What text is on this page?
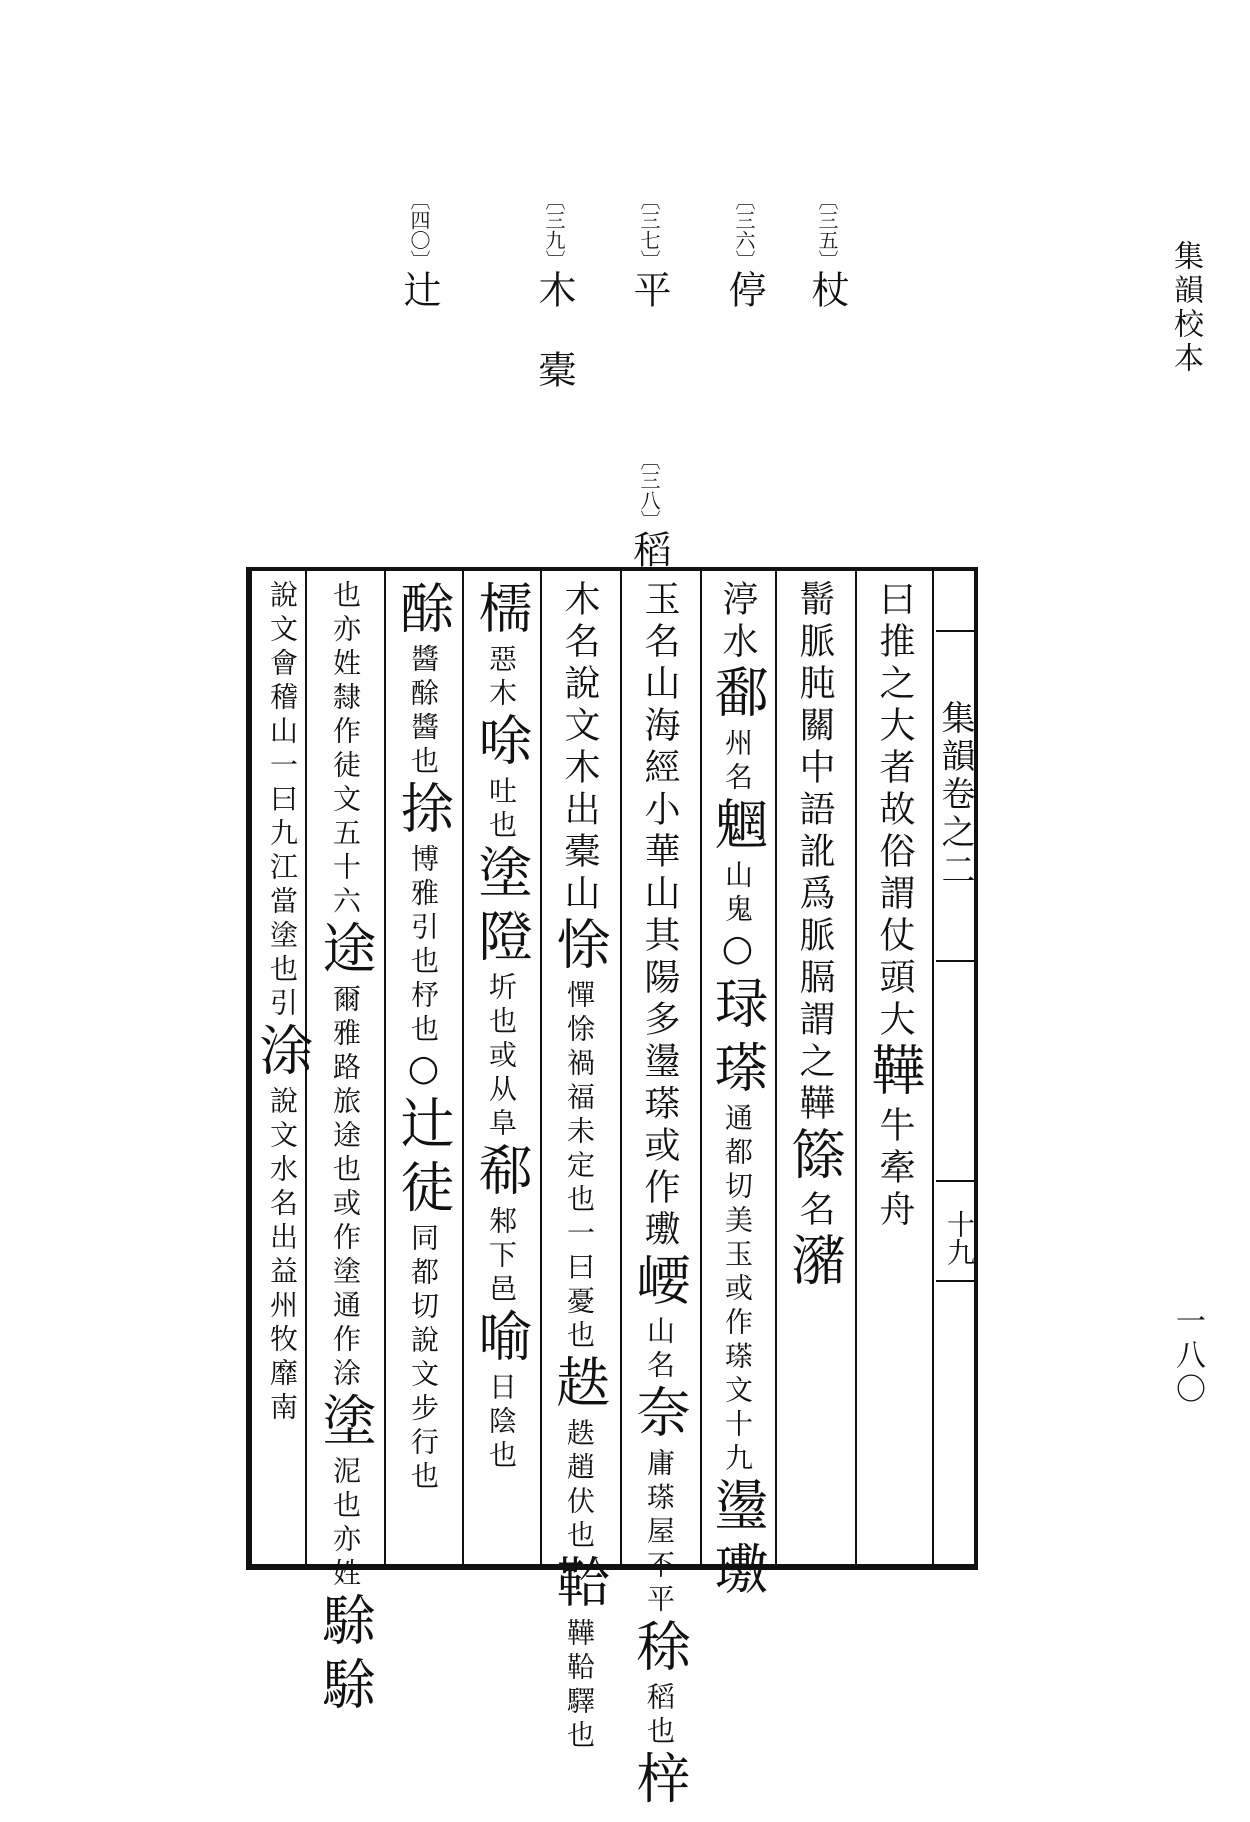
集韻校本
一八〇
〔三五〕杖
〔三六〕停
〔三七〕平
〔三九〕木　橐
〔四〇〕辻
〔三八〕稻
集韻卷之二
十九
曰推之大者故俗謂仗頭大鞾牛牽舟
鬋脈肫關中語訛爲脈膈謂之鞾篨名瀦
渟水鄱州名魍山鬼○琭瑹通都切美玉或作瑹文十九璗璷
玉名山海經小華山其陽多璗瑹或作璷崾山名奈庸瑹屋不平稌稻也梓
木名說文木出橐山悇憚悇禍福未定也一曰憂也趃趃趙伏也鞈鞾鞈驛也
檽惡木唋吐也塗隥圻也或从阜郗邾下邑喻日陰也
酴醬酴醬也捈博雅引也杼也○辻徒同都切說文步行也
也亦姓隸作徒文五十六途爾雅路旅途也或作塗通作涂塗泥也亦姓駼駼
說文會稽山一曰九江當塗也引涂說文水名出益州牧靡南
